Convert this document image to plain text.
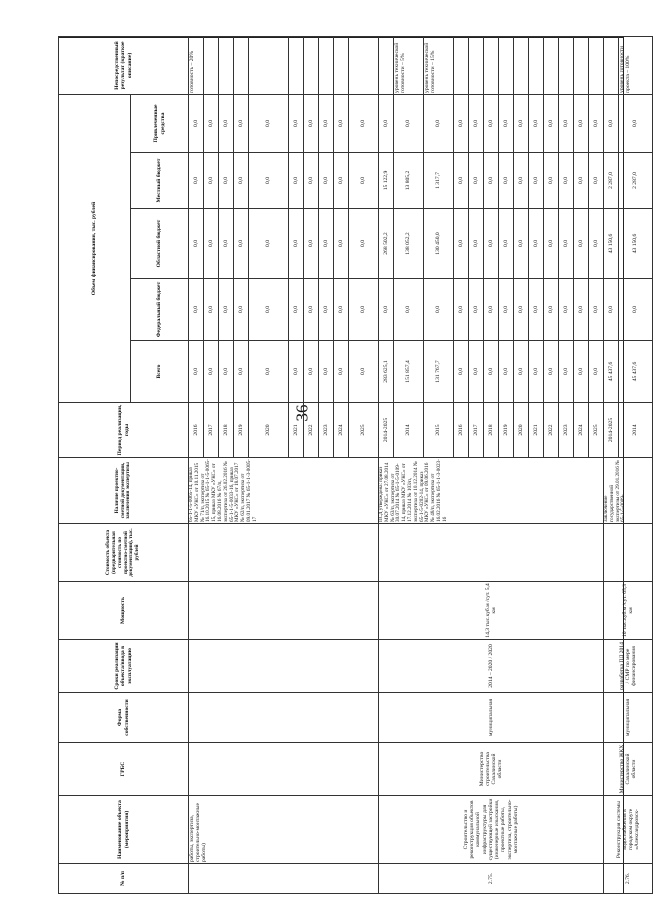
36
№ п/п	Наименование объекта (мероприятия)	ГРБС	Форма собственности	Сроки реализации объекта/ввода в эксплуатацию	Мощность	Стоимость объекта (предварительная стоимость по проектно-сметной документации), тыс. рублей	Наличие проектно-сметной документации, заключения экспертизы	Период реализации, годы	Объем финансирования, тыс. рублей					Непосредственный результат (краткое описание)
									Всего	Федеральный бюджет	Областной бюджет	Местный бюджет	Привлеченные средства	
	работы, экспертиза, строительно-монтажные работы)						65-1-1-5-0065-14, приказ МКУ «УКС» от 10.11.2015 № 71/п, экспертиза от 16.10.2015 № 65-1-1-5-0065-15, приказ МКУ «УКС» от 16.08.2016 № 67/п, экспертиза от 26.02.2016 № 65-1-1-5-0033-16, приказ МКУ «УКС» от 18.07.2017 № 62/п, экспертиза от 09.01.2017 № 65-1-1-3-0005-17	2016	0,0	0,0	0,0	0,0	0,0	готовность – 20%
								2017	0,0	0,0	0,0	0,0	0,0	
								2018	0,0	0,0	0,0	0,0	0,0	
								2019	0,0	0,0	0,0	0,0	0,0	
								2020	0,0	0,0	0,0	0,0	0,0	
								2021	0,0	0,0	0,0	0,0	0,0	
								2022	0,0	0,0	0,0	0,0	0,0	
								2023	0,0	0,0	0,0	0,0	0,0	
								2024	0,0	0,0	0,0	0,0	0,0	
								2025	0,0	0,0	0,0	0,0	0,0	
2.75.	Строительство и реконструкция объектов коммунальной инфраструктуры для существующей застройки (инженерные изыскания, проектные работы, экспертиза, строительно-монтажные работы)	Министерство строительства Сахалинской области	муниципальная	2014 – 2020 / 2020	14,3 тыс.куб.м /сут. 5,4 км		ПСД утверждена: приказ МКУ «УКС» от 27.08.2014 № 63/п, экспертиза от 30.07.2014 № 65-1-5-0109-14, приказ МКУ «УКС» от 17.12.2014 № 103/п, экспертиза от 10.12.2014 № 65-1-5-0202-14, приказ МКУ «УКС» от 09.06.2016 № 48/п, экспертиза от 16.02.2016 № 65-1-1-3-0023-16	2014-2025	283 625,1	0,0	268 502,2	15 122,9	0,0	
								2014	151 857,4	0,0	138 052,2	13 805,2	0,0	уровень технической готовности – 5%
								2015	131 767,7	0,0	130 450,0	1 317,7	0,0	уровень технической готовности – 15%
								2016	0,0	0,0	0,0	0,0	0,0	
								2017	0,0	0,0	0,0	0,0	0,0	
								2018	0,0	0,0	0,0	0,0	0,0	
								2019	0,0	0,0	0,0	0,0	0,0	
								2020	0,0	0,0	0,0	0,0	0,0	
								2021	0,0	0,0	0,0	0,0	0,0	
								2022	0,0	0,0	0,0	0,0	0,0	
								2023	0,0	0,0	0,0	0,0	0,0	
								2024	0,0	0,0	0,0	0,0	0,0	
								2025	0,0	0,0	0,0	0,0	0,0	
2.76.	Реконструкция системы водоснабжения в городском округе «Александровск-	Министерство ЖКХ Сахалинской области	муниципальная	разработка ПД 2014 / СМР по мере финансирования	10 тыс.куб.м /сут. 65,3 км		Заключение государственной экспертизы от 29.01.2016 № 65-1-5-0009-	2014-2025	45 437,6	0,0	43 150,6	2 287,0	0,0	
								2014	45 437,6	0,0	43 150,6	2 287,0	0,0	уровень готовности проекта – 100%
